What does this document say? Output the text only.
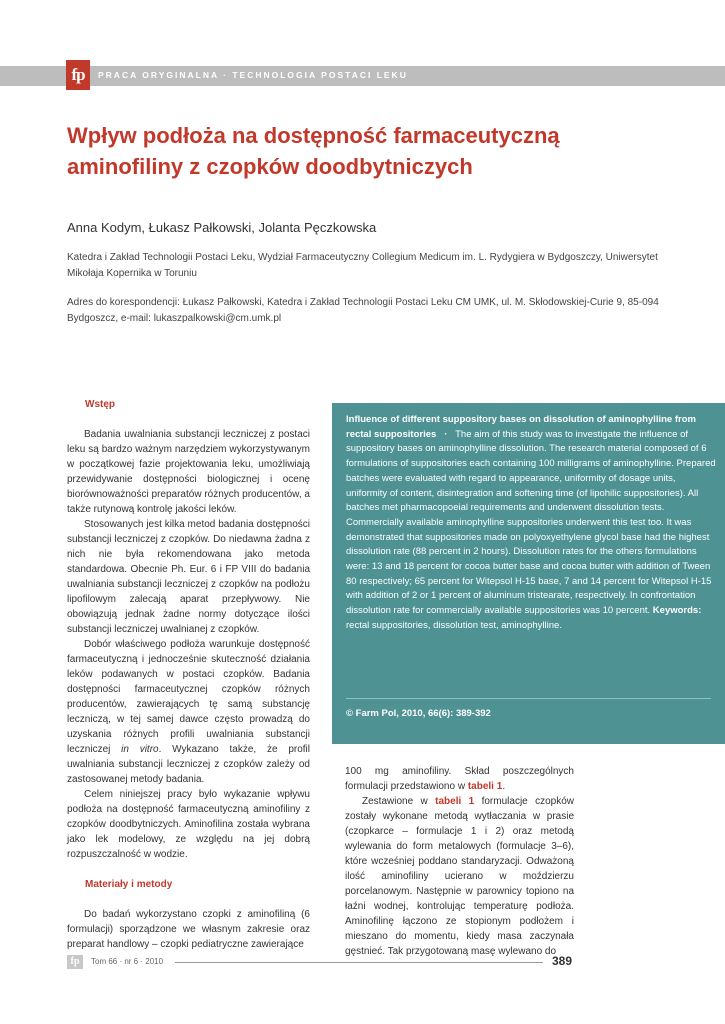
fp	PRACA ORYGINALNA · TECHNOLOGIA POSTACI LEKU
Wpływ podłoża na dostępność farmaceutyczną aminofiliny z czopków doodbytniczych
Anna Kodym, Łukasz Pałkowski, Jolanta Pęczkowska
Katedra i Zakład Technologii Postaci Leku, Wydział Farmaceutyczny Collegium Medicum im. L. Rydygiera w Bydgoszczy, Uniwersytet Mikołaja Kopernika w Toruniu
Adres do korespondencji: Łukasz Pałkowski, Katedra i Zakład Technologii Postaci Leku CM UMK, ul. M. Skłodowskiej-Curie 9, 85-094 Bydgoszcz, e-mail: lukaszpalkowski@cm.umk.pl
Wstęp

Badania uwalniania substancji leczniczej z postaci leku są bardzo ważnym narzędziem wykorzystywanym w początkowej fazie projektowania leku, umożliwiają przewidywanie dostępności biologicznej i ocenę biorównoważności preparatów różnych producentów, a także rutynową kontrolę jakości leków.

Stosowanych jest kilka metod badania dostępności substancji leczniczej z czopków. Do niedawna żadna z nich nie była rekomendowana jako metoda standardowa. Obecnie Ph. Eur. 6 i FP VIII do badania uwalniania substancji leczniczej z czopków na podłożu lipofilowym zalecają aparat przepływowy. Nie obowiązują jednak żadne normy dotyczące ilości substancji leczniczej uwalnianej z czopków.

Dobór właściwego podłoża warunkuje dostępność farmaceutyczną i jednocześnie skuteczność działania leków podawanych w postaci czopków. Badania dostępności farmaceutycznej czopków różnych producentów, zawierających tę samą substancję leczniczą, w tej samej dawce często prowadzą do uzyskania różnych profili uwalniania substancji leczniczej in vitro. Wykazano także, że profil uwalniania substancji leczniczej z czopków zależy od zastosowanej metody badania.

Celem niniejszej pracy było wykazanie wpływu podłoża na dostępność farmaceutyczną aminofiliny z czopków doodbytniczych. Aminofilina została wybrana jako lek modelowy, ze względu na jej dobrą rozpuszczalność w wodzie.

Materiały i metody

Do badań wykorzystano czopki z aminofiliną (6 formulacji) sporządzone we własnym zakresie oraz preparat handlowy – czopki pediatryczne zawierające

Influence of different suppository bases on dissolution of aminophylline from rectal suppositories · The aim of this study was to investigate the influence of suppository bases on aminophylline dissolution. The research material composed of 6 formulations of suppositories each containing 100 milligrams of aminophylline. Prepared batches were evaluated with regard to appearance, uniformity of dosage units, uniformity of content, disintegration and softening time (of lipohilic suppositories). All batches met pharmacopoeial requirements and underwent dissolution tests. Commercially available aminophylline suppositories underwent this test too. It was demonstrated that suppositories made on polyoxyethylene glycol base had the highest dissolution rate (88 percent in 2 hours). Dissolution rates for the others formulations were: 13 and 18 percent for cocoa butter base and cocoa butter with addition of Tween 80 respectively; 65 percent for Witepsol H-15 base, 7 and 14 percent for Witepsol H-15 with addition of 2 or 1 percent of aluminum tristearate, respectively. In confrontation dissolution rate for commercially available suppositories was 10 percent. Keywords: rectal suppositories, dissolution test, aminophylline.
© Farm Pol, 2010, 66(6): 389-392

100 mg aminofiliny. Skład poszczególnych formulacji przedstawiono w tabeli 1.

Zestawione w tabeli 1 formulacje czopków zostały wykonane metodą wytłaczania w prasie (czopkarce – formulacje 1 i 2) oraz metodą wylewania do form metalowych (formulacje 3–6), które wcześniej poddano standaryzacji. Odważoną ilość aminofiliny ucierano w moździerzu porcelanowym. Następnie w parownicy topiono na łaźni wodnej, kontrolując temperaturę podłoża. Aminofilinę łączono ze stopionym podłożem i mieszano do momentu, kiedy masa zaczynała gęstnieć. Tak przygotowaną masę wylewano do

fp	Tom 66 · nr 6 · 2010	389
